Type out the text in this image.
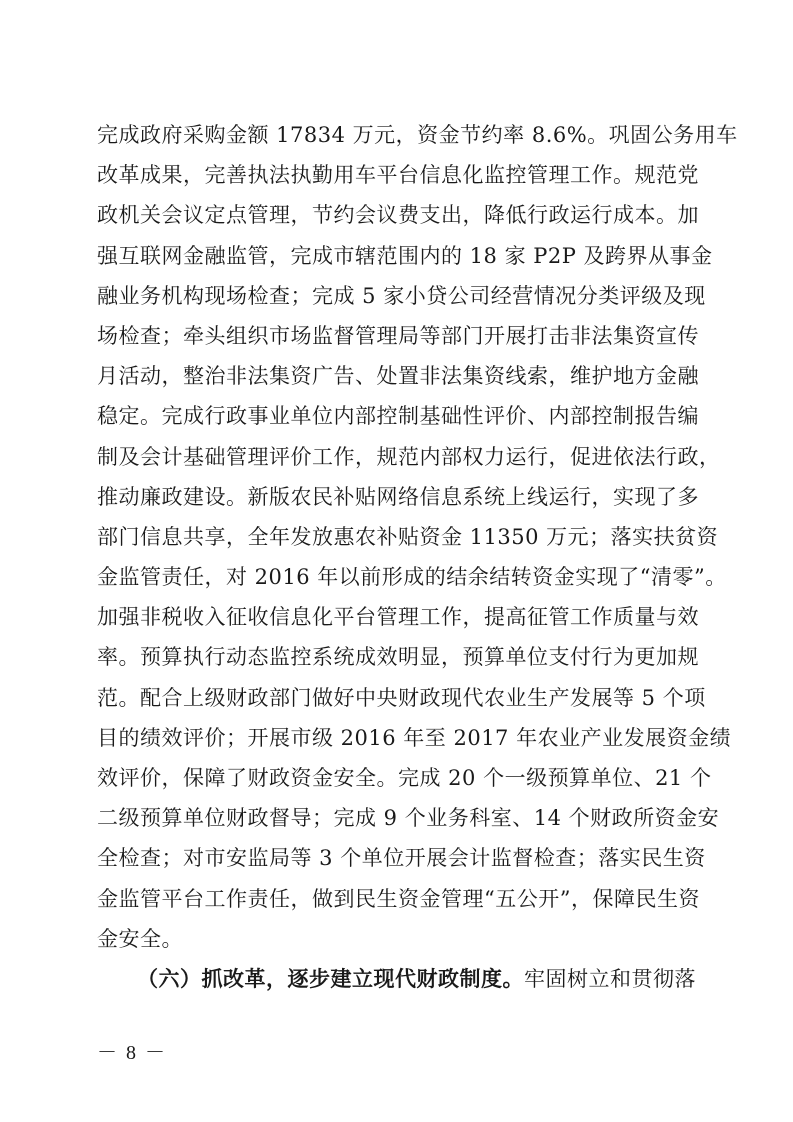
完成政府采购金额 17834 万元，资金节约率 8.6%。巩固公务用车
改革成果，完善执法执勤用车平台信息化监控管理工作。规范党
政机关会议定点管理，节约会议费支出，降低行政运行成本。加
强互联网金融监管，完成市辖范围内的 18 家 P2P 及跨界从事金
融业务机构现场检查；完成 5 家小贷公司经营情况分类评级及现
场检查；牵头组织市场监督管理局等部门开展打击非法集资宣传
月活动，整治非法集资广告、处置非法集资线索，维护地方金融
稳定。完成行政事业单位内部控制基础性评价、内部控制报告编
制及会计基础管理评价工作，规范内部权力运行，促进依法行政，
推动廉政建设。新版农民补贴网络信息系统上线运行，实现了多
部门信息共享，全年发放惠农补贴资金 11350 万元；落实扶贫资
金监管责任，对 2016 年以前形成的结余结转资金实现了“清零”。
加强非税收入征收信息化平台管理工作，提高征管工作质量与效
率。预算执行动态监控系统成效明显，预算单位支付行为更加规
范。配合上级财政部门做好中央财政现代农业生产发展等 5 个项
目的绩效评价；开展市级 2016 年至 2017 年农业产业发展资金绩
效评价，保障了财政资金安全。完成 20 个一级预算单位、21 个
二级预算单位财政督导；完成 9 个业务科室、14 个财政所资金安
全检查；对市安监局等 3 个单位开展会计监督检查；落实民生资
金监管平台工作责任，做到民生资金管理“五公开”，保障民生资
金安全。
（六）抓改革，逐步建立现代财政制度。牢固树立和贯彻落
－ 8 －
